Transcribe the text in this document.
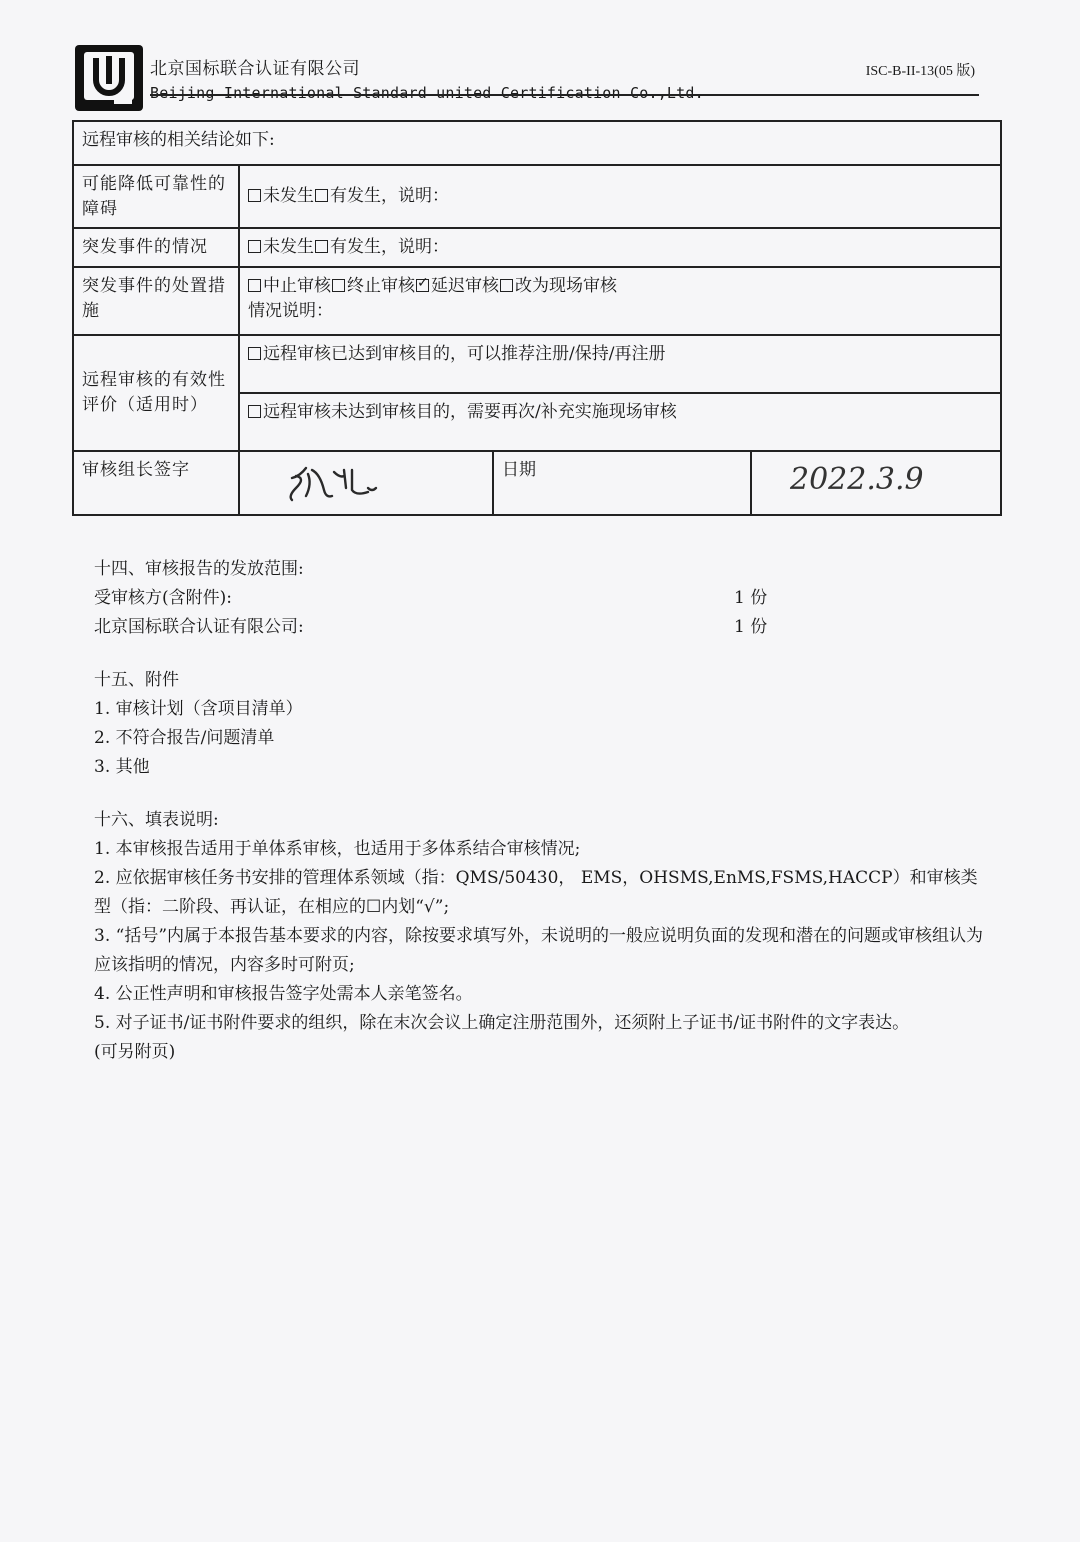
北京国标联合认证有限公司
Beijing International Standard united Certification Co.,Ltd.
ISC-B-II-13(05 版)
远程审核的相关结论如下:			
可能降低可靠性的障碍	未发生 有发生，说明：		
突发事件的情况	未发生 有发生，说明：		
突发事件的处置措施	中止审核 终止审核 ✓ 延迟审核 改为现场审核
情况说明：

远程审核的有效性评价（适用时）	远程审核已达到审核目的，可以推荐注册/保持/再注册		
	远程审核未达到审核目的，需要再次/补充实施现场审核		
审核组长签字		日期	2022.3.9
十四、审核报告的发放范围:
受审核方(含附件):	1 份
北京国标联合认证有限公司:	1 份
十五、附件
1. 审核计划（含项目清单）
2. 不符合报告/问题清单
3. 其他
十六、填表说明:
1. 本审核报告适用于单体系审核，也适用于多体系结合审核情况;
2. 应依据审核任务书安排的管理体系领域（指：QMS/50430， EMS，OHSMS,EnMS,FSMS,HACCP）和审核类型（指：二阶段、再认证，在相应的☐内划“√”;
3. “括号”内属于本报告基本要求的内容，除按要求填写外，未说明的一般应说明负面的发现和潜在的问题或审核组认为应该指明的情况，内容多时可附页;
4. 公正性声明和审核报告签字处需本人亲笔签名。
5. 对子证书/证书附件要求的组织，除在末次会议上确定注册范围外，还须附上子证书/证书附件的文字表达。
(可另附页)
